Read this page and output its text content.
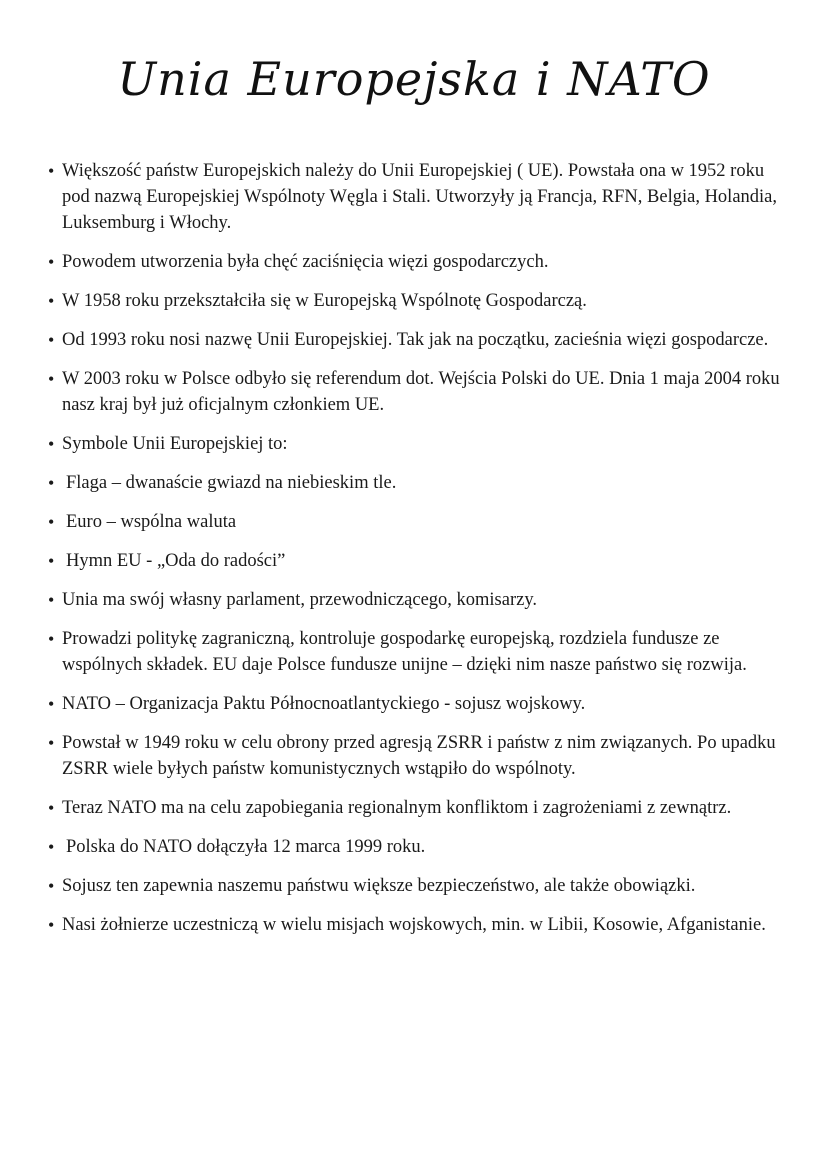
Unia Europejska i NATO
• Większość państw Europejskich należy do Unii Europejskiej ( UE). Powstała ona w 1952 roku pod nazwą Europejskiej Wspólnoty Węgla i Stali. Utworzyły ją Francja, RFN, Belgia, Holandia, Luksemburg i Włochy.
• Powodem utworzenia była chęć zaciśnięcia więzi gospodarczych.
• W 1958 roku przekształciła się w Europejską Wspólnotę Gospodarczą.
• Od 1993 roku nosi nazwę Unii Europejskiej. Tak jak na początku, zacieśnia więzi gospodarcze.
• W 2003 roku w Polsce odbyło się referendum dot. Wejścia Polski do UE. Dnia 1 maja 2004 roku nasz kraj był już oficjalnym członkiem UE.
• Symbole Unii Europejskiej to:
• Flaga – dwanaście gwiazd na niebieskim tle.
• Euro – wspólna waluta
• Hymn EU - „Oda do radości”
• Unia ma swój własny parlament, przewodniczącego, komisarzy.
• Prowadzi politykę zagraniczną, kontroluje gospodarkę europejską, rozdziela fundusze ze wspólnych składek. EU daje Polsce fundusze unijne – dzięki nim nasze państwo się rozwija.
• NATO – Organizacja Paktu Północnoatlantyckiego - sojusz wojskowy.
• Powstał w 1949 roku w celu obrony przed agresją ZSRR i państw z nim związanych. Po upadku ZSRR wiele byłych państw komunistycznych wstąpiło do wspólnoty.
• Teraz NATO ma na celu zapobiegania regionalnym konfliktom i zagrożeniami z zewnątrz.
• Polska do NATO dołączyła 12 marca 1999 roku.
• Sojusz ten zapewnia naszemu państwu większe bezpieczeństwo, ale także obowiązki.
• Nasi żołnierze uczestniczą w wielu misjach wojskowych, min. w Libii, Kosowie, Afganistanie.
